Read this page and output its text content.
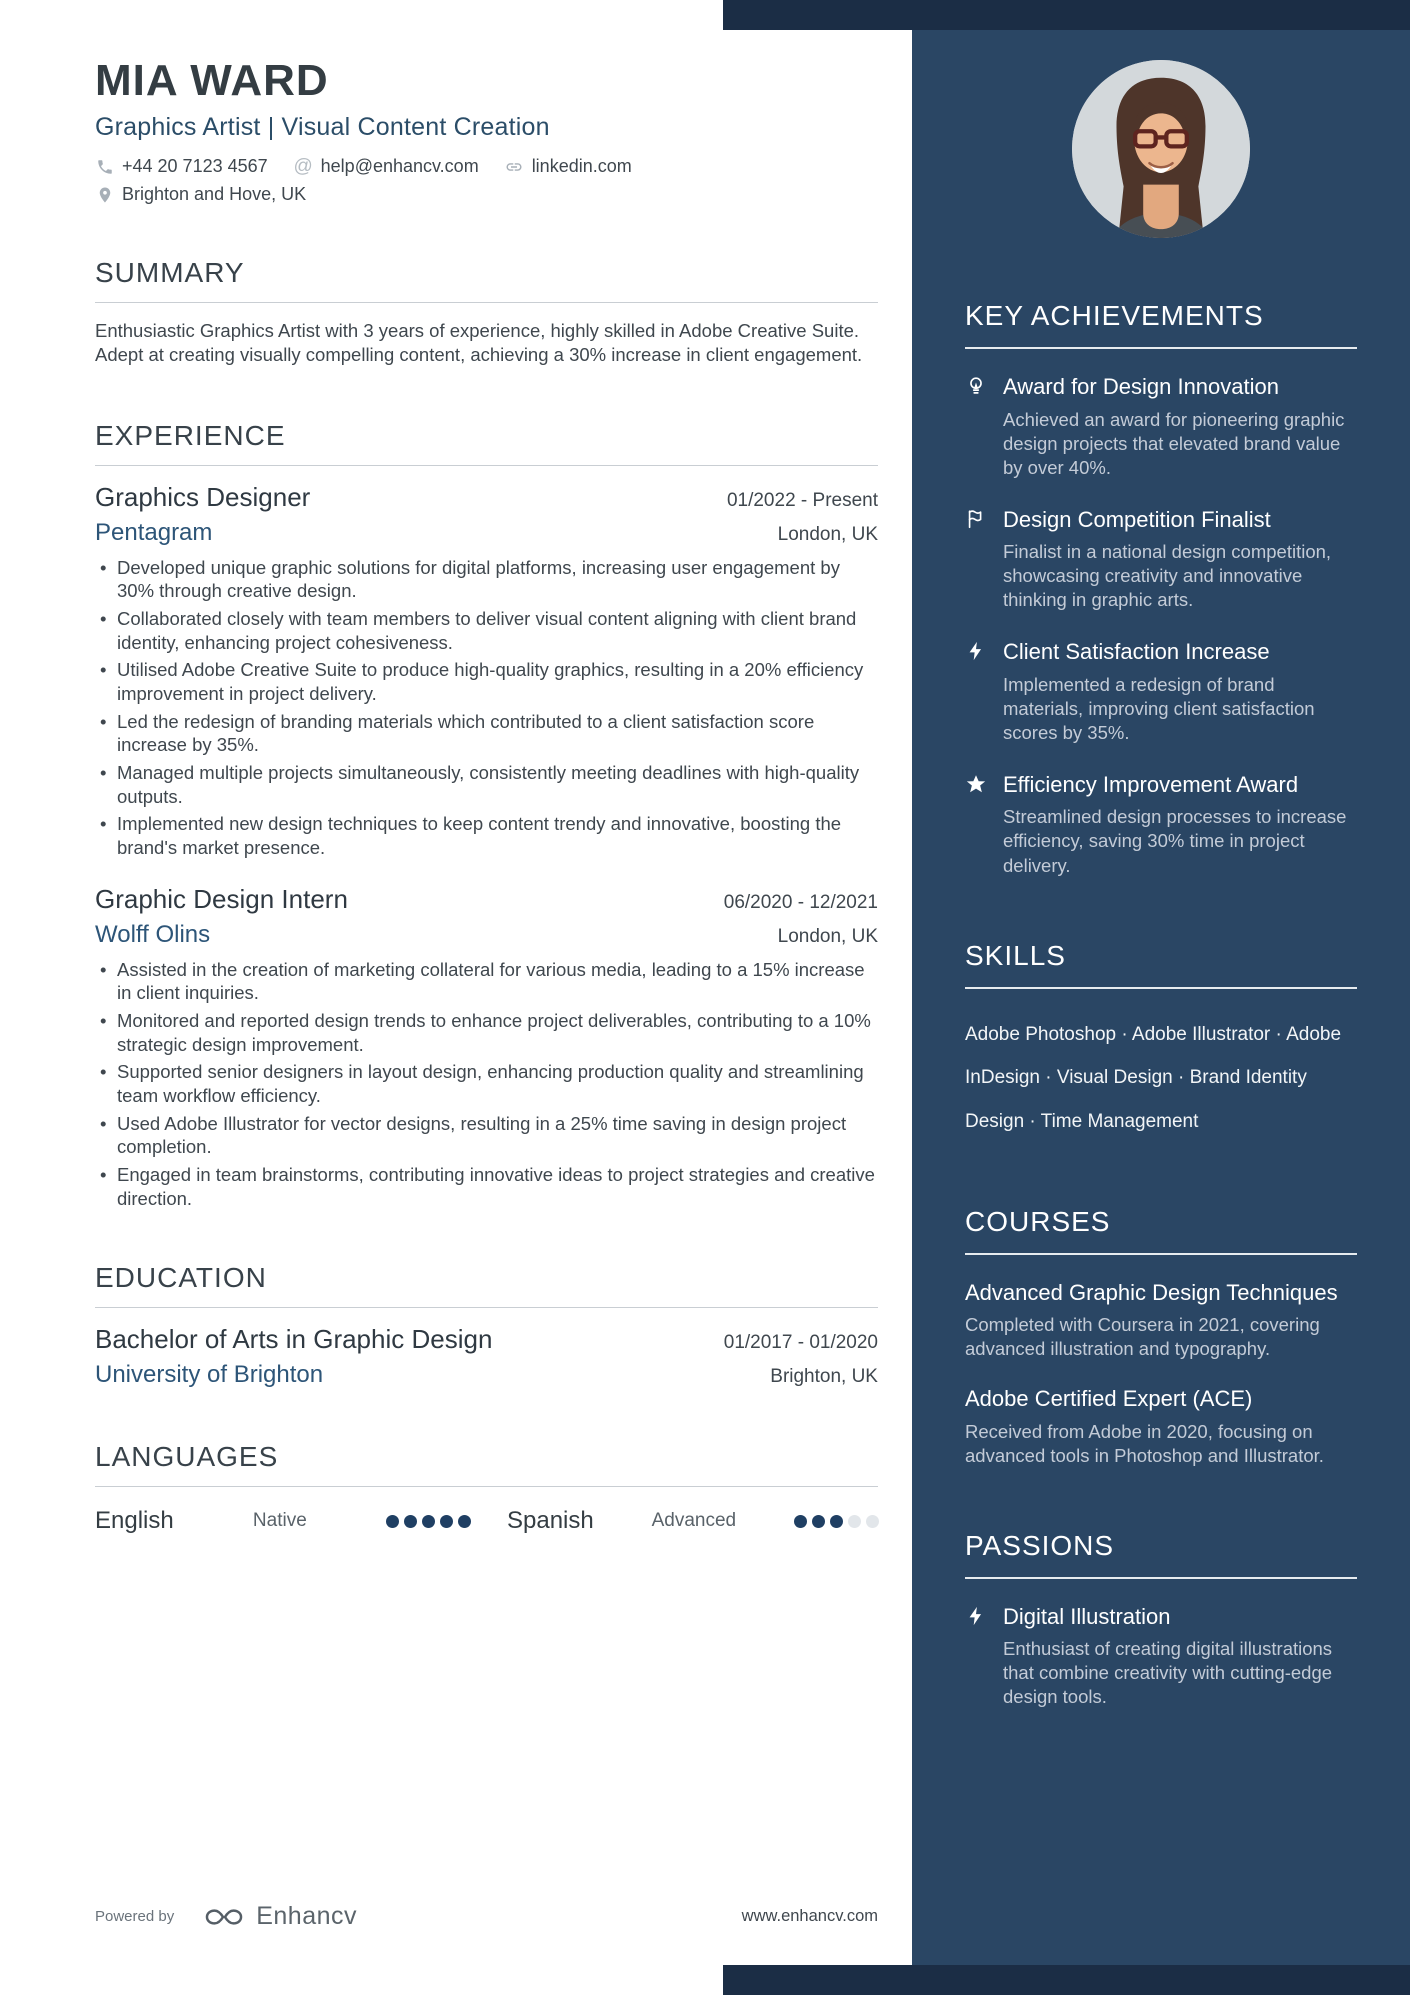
MIA WARD
Graphics Artist | Visual Content Creation
+44 20 7123 4567 @ help@enhancv.com	linkedin.com
Brighton and Hove, UK
SUMMARY

Enthusiastic Graphics Artist with 3 years of experience, highly skilled in Adobe Creative Suite. Adept at creating visually compelling content, achieving a 30% increase in client engagement.

EXPERIENCE
Graphics Designer	01/2022 - Present
Pentagram	London, UK
• Developed unique graphic solutions for digital platforms, increasing user engagement by 30% through creative design.
• Collaborated closely with team members to deliver visual content aligning with client brand identity, enhancing project cohesiveness.
• Utilised Adobe Creative Suite to produce high-quality graphics, resulting in a 20% efficiency improvement in project delivery.
• Led the redesign of branding materials which contributed to a client satisfaction score increase by 35%.
• Managed multiple projects simultaneously, consistently meeting deadlines with high-quality outputs.
• Implemented new design techniques to keep content trendy and innovative, boosting the brand's market presence.
Graphic Design Intern	06/2020 - 12/2021
Wolff Olins	London, UK
• Assisted in the creation of marketing collateral for various media, leading to a 15% increase in client inquiries.
• Monitored and reported design trends to enhance project deliverables, contributing to a 10% strategic design improvement.
• Supported senior designers in layout design, enhancing production quality and streamlining team workflow efficiency.
• Used Adobe Illustrator for vector designs, resulting in a 25% time saving in design project completion.
• Engaged in team brainstorms, contributing innovative ideas to project strategies and creative direction.
EDUCATION
Bachelor of Arts in Graphic Design	01/2017 - 01/2020
University of Brighton	Brighton, UK
LANGUAGES
English	Native	Spanish	Advanced
Powered by	Enhancv	www.enhancv.com
KEY ACHIEVEMENTS
Award for Design Innovation
Achieved an award for pioneering graphic design projects that elevated brand value by over 40%.
Design Competition Finalist
Finalist in a national design competition, showcasing creativity and innovative thinking in graphic arts.
Client Satisfaction Increase
Implemented a redesign of brand materials, improving client satisfaction scores by 35%.
Efficiency Improvement Award
Streamlined design processes to increase efficiency, saving 30% time in project delivery.
SKILLS
Adobe Photoshop · Adobe Illustrator · Adobe InDesign · Visual Design · Brand Identity Design · Time Management
COURSES
Advanced Graphic Design Techniques
Completed with Coursera in 2021, covering advanced illustration and typography.
Adobe Certified Expert (ACE)
Received from Adobe in 2020, focusing on advanced tools in Photoshop and Illustrator.
PASSIONS
Digital Illustration
Enthusiast of creating digital illustrations that combine creativity with cutting-edge design tools.
